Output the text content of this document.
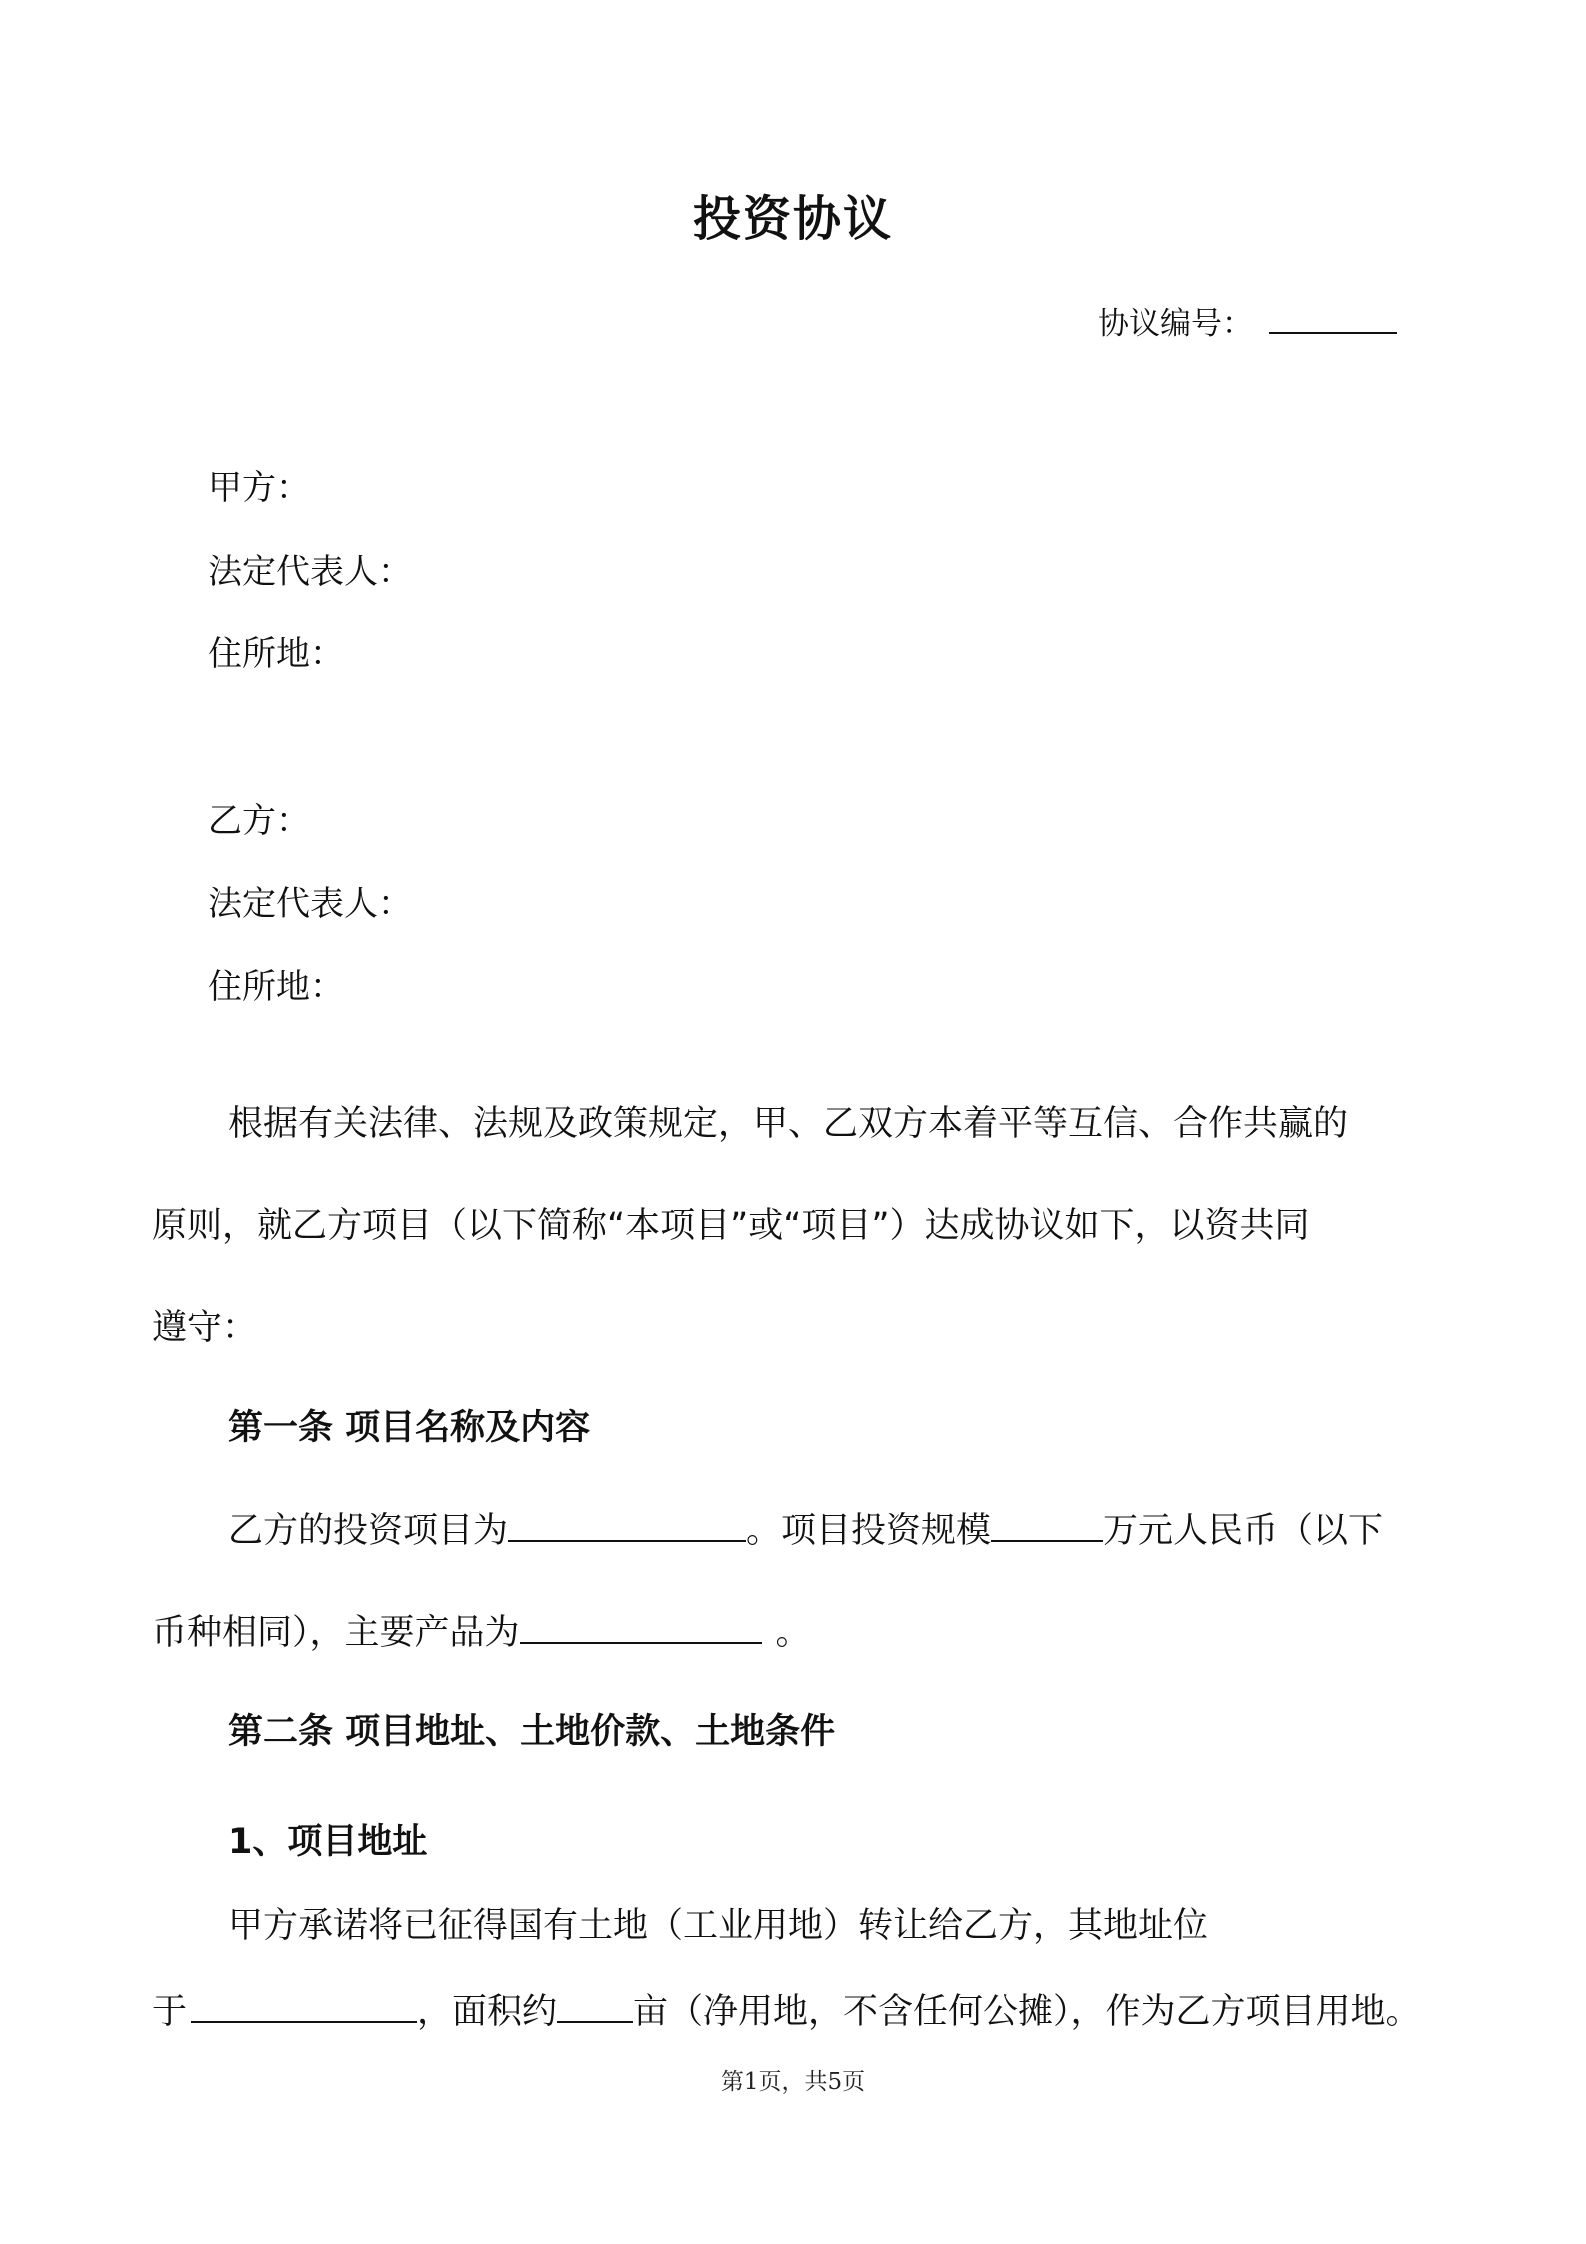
投资协议
协议编号：
甲方：
法定代表人：
住所地：
乙方：
法定代表人：
住所地：
根据有关法律、法规及政策规定，甲、乙双方本着平等互信、合作共赢的
原则，就乙方项目（以下简称“本项目”或“项目”）达成协议如下，以资共同
遵守：
第一条 项目名称及内容
乙方的投资项目为	。项目投资规模	万元人民币（以下
币种相同），主要产品为	。
第二条 项目地址、土地价款、土地条件
1、项目地址
甲方承诺将已征得国有土地（工业用地）转让给乙方，其地址位
于	，面积约 亩（净用地，不含任何公摊），作为乙方项目用地。
第1页，共5页
